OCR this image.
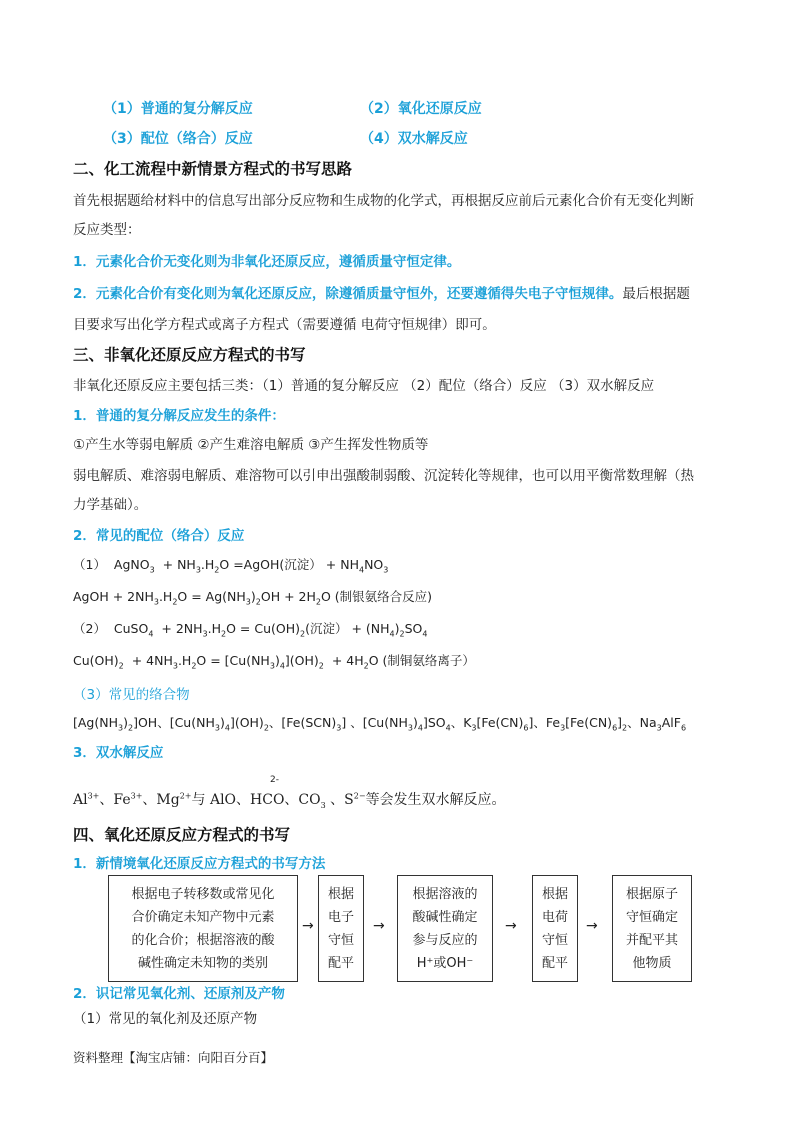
（1）普通的复分解反应	（2）氧化还原反应
（3）配位（络合）反应	（4）双水解反应
二、化工流程中新情景方程式的书写思路
首先根据题给材料中的信息写出部分反应物和生成物的化学式，再根据反应前后元素化合价有无变化判断
反应类型：
1．元素化合价无变化则为非氧化还原反应，遵循质量守恒定律。
2．元素化合价有变化则为氧化还原反应，除遵循质量守恒外，还要遵循得失电子守恒规律。最后根据题
目要求写出化学方程式或离子方程式（需要遵循 电荷守恒规律）即可。
三、非氧化还原反应方程式的书写
非氧化还原反应主要包括三类：（1）普通的复分解反应 （2）配位（络合）反应 （3）双水解反应
1．普通的复分解反应发生的条件：
①产生水等弱电解质 ②产生难溶电解质 ③产生挥发性物质等
弱电解质、难溶弱电解质、难溶物可以引申出强酸制弱酸、沉淀转化等规律，也可以用平衡常数理解（热
力学基础）。
2．常见的配位（络合）反应
（1）  AgNO$_3$  + $NH_3.H_2O$ =AgOH(沉淀） + $NH_4NO_3$
AgOH + $2NH_3.H_2O = Ag(NH_3)_2OH + 2H_2O$ (制银氨络合反应)
（2）  CuSO$_4$  + $2NH_3.H_2O = Cu(OH)_2$(沉淀） + $(NH_4)_2SO_4$
$Cu(OH)_2 + 4NH_3.H_2O = [Cu(NH_3)_4](OH)_2 + 4H_2O$ (制铜氨络离子）
（3）常见的络合物
$[Ag(NH_3)_2]OH$、$[Cu(NH_3)_4](OH)_2$、$[Fe(SCN)_3]$ 、$[Cu(NH_3)_4]SO_4$、$K_3[Fe(CN)_6]$、$Fe_3[Fe(CN)_6]_2$、$Na_3AlF_6$
3．双水解反应
2-
$Al^{3+}$、$Fe^{3+}$、$Mg^{2+}$与 AlO、HCO、$CO_3$ 、$S^{2-}$等会发生双水解反应。
四、氧化还原反应方程式的书写
1．新情境氧化还原反应方程式的书写方法
根据电子转移数或常见化
合价确定未知产物中元素
的化合价；根据溶液的酸
碱性确定未知物的类别
→
根据
电子
守恒
配平
→
根据溶液的
酸碱性确定
参与反应的
H⁺或OH⁻
→
根据
电荷
守恒
配平
→
根据原子
守恒确定
并配平其
他物质
2．识记常见氧化剂、还原剂及产物
（1）常见的氧化剂及还原产物
资料整理【淘宝店铺：向阳百分百】
